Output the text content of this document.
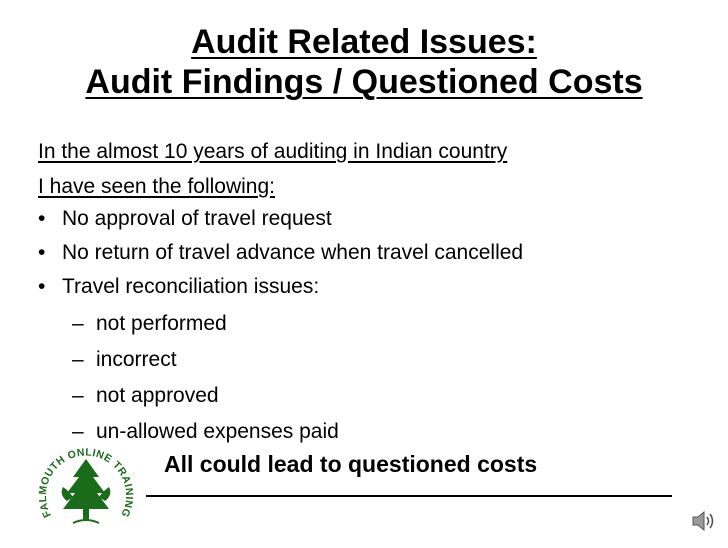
Audit Related Issues:
Audit Findings / Questioned Costs
In the almost 10 years of auditing in Indian country
I have seen the following:
• No approval of travel request
• No return of travel advance when travel cancelled
• Travel reconciliation issues:
– not performed
– incorrect
– not approved
– un-allowed expenses paid
All could lead to questioned costs
FALMOUTH ONLINE TRAINING
